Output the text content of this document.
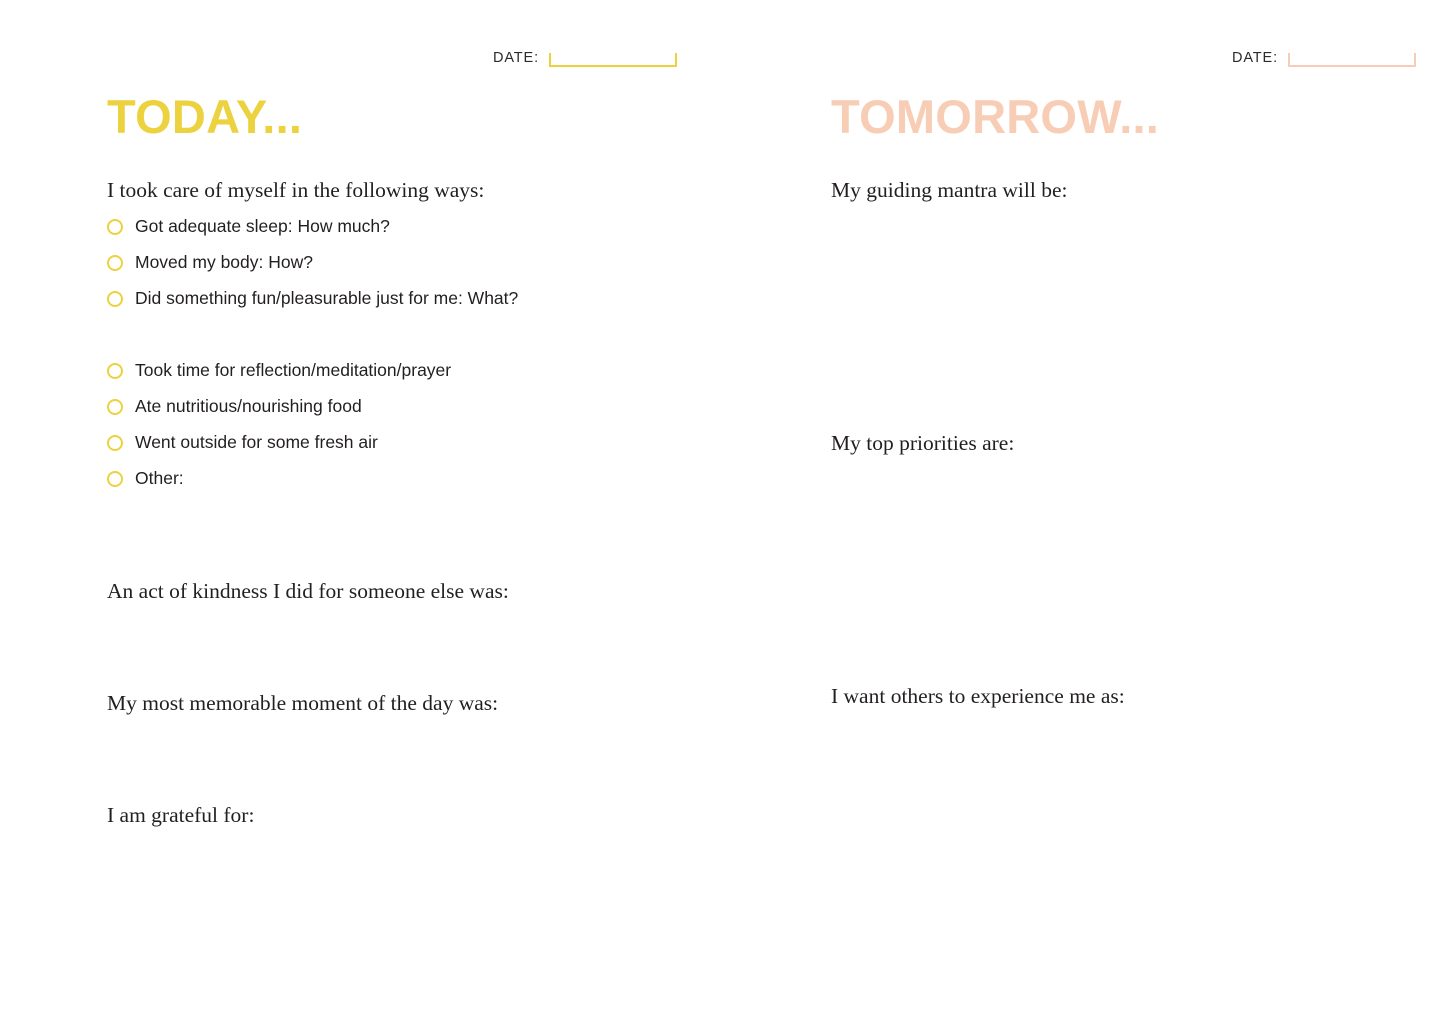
DATE:
TODAY...
I took care of myself in the following ways:
Got adequate sleep: How much?
Moved my body: How?
Did something fun/pleasurable just for me: What?
Took time for reflection/meditation/prayer
Ate nutritious/nourishing food
Went outside for some fresh air
Other:
An act of kindness I did for someone else was:
My most memorable moment of the day was:
I am grateful for:
DATE:
TOMORROW...
My guiding mantra will be:
My top priorities are:
I want others to experience me as:
